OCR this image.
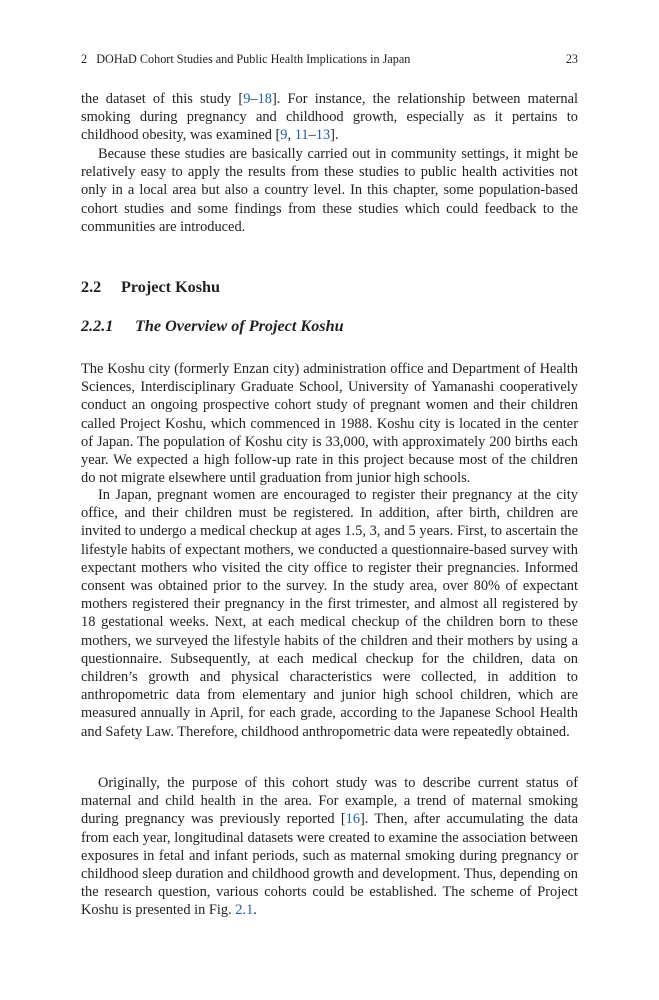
2 DOHaD Cohort Studies and Public Health Implications in Japan	23

the dataset of this study [9–18]. For instance, the relationship between maternal smoking during pregnancy and childhood growth, especially as it pertains to childhood obesity, was examined [9, 11–13].

Because these studies are basically carried out in community settings, it might be relatively easy to apply the results from these studies to public health activities not only in a local area but also a country level. In this chapter, some population-based cohort studies and some findings from these studies which could feedback to the communities are introduced.

2.2 Project Koshu
2.2.1 The Overview of Project Koshu

The Koshu city (formerly Enzan city) administration office and Department of Health Sciences, Interdisciplinary Graduate School, University of Yamanashi cooperatively conduct an ongoing prospective cohort study of pregnant women and their children called Project Koshu, which commenced in 1988. Koshu city is located in the center of Japan. The population of Koshu city is 33,000, with approximately 200 births each year. We expected a high follow-up rate in this project because most of the children do not migrate elsewhere until graduation from junior high schools.

In Japan, pregnant women are encouraged to register their pregnancy at the city office, and their children must be registered. In addition, after birth, children are invited to undergo a medical checkup at ages 1.5, 3, and 5 years. First, to ascertain the lifestyle habits of expectant mothers, we conducted a questionnaire-based survey with expectant mothers who visited the city office to register their pregnancies. Informed consent was obtained prior to the survey. In the study area, over 80% of expectant mothers registered their pregnancy in the first trimester, and almost all registered by 18 gestational weeks. Next, at each medical checkup of the children born to these mothers, we surveyed the lifestyle habits of the children and their mothers by using a questionnaire. Subsequently, at each medical checkup for the children, data on children’s growth and physical characteristics were collected, in addition to anthropometric data from elementary and junior high school children, which are measured annually in April, for each grade, according to the Japanese School Health and Safety Law. Therefore, childhood anthropometric data were repeatedly obtained.

Originally, the purpose of this cohort study was to describe current status of maternal and child health in the area. For example, a trend of maternal smoking during pregnancy was previously reported [16]. Then, after accumulating the data from each year, longitudinal datasets were created to examine the association between exposures in fetal and infant periods, such as maternal smoking during pregnancy or childhood sleep duration and childhood growth and development. Thus, depending on the research question, various cohorts could be established. The scheme of Project Koshu is presented in Fig. 2.1.
